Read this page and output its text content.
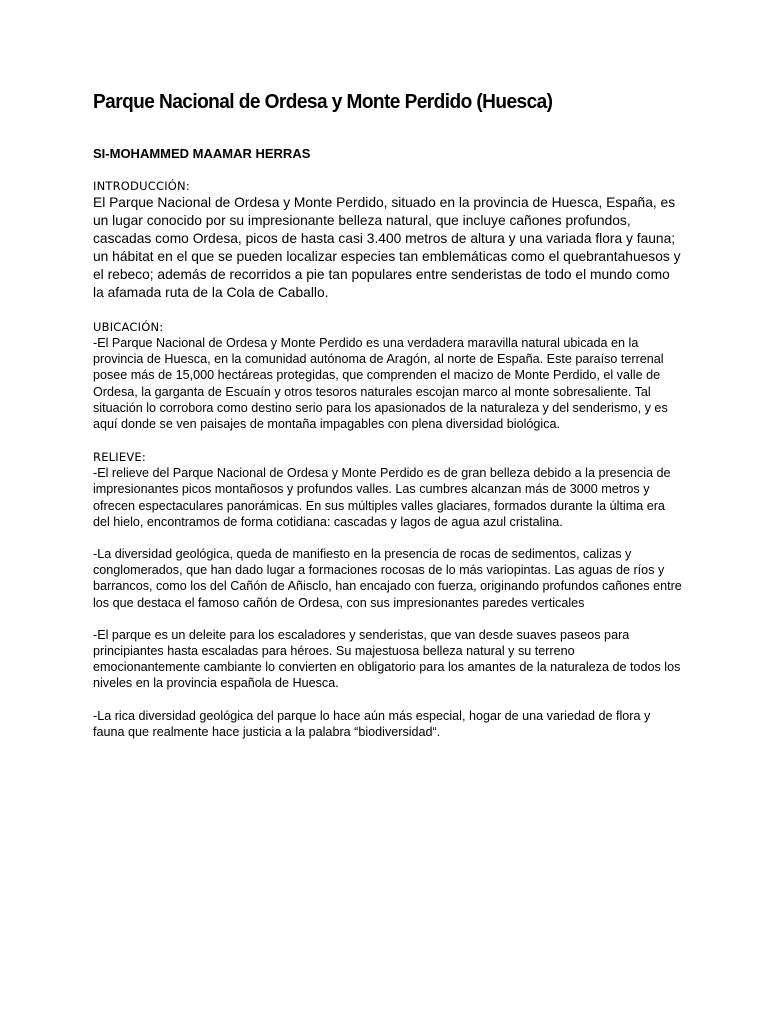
Parque Nacional de Ordesa y Monte Perdido (Huesca)

SI-MOHAMMED MAAMAR HERRAS

INTRODUCCIÓN:

El Parque Nacional de Ordesa y Monte Perdido, situado en la provincia de Huesca, España, es un lugar conocido por su impresionante belleza natural, que incluye cañones profundos, cascadas como Ordesa, picos de hasta casi 3.400 metros de altura y una variada flora y fauna; un hábitat en el que se pueden localizar especies tan emblemáticas como el quebrantahuesos y el rebeco; además de recorridos a pie tan populares entre senderistas de todo el mundo como la afamada ruta de la Cola de Caballo.

UBICACIÓN:

-El Parque Nacional de Ordesa y Monte Perdido es una verdadera maravilla natural ubicada en la provincia de Huesca, en la comunidad autónoma de Aragón, al norte de España. Este paraíso terrenal posee más de 15,000 hectáreas protegidas, que comprenden el macizo de Monte Perdido, el valle de Ordesa, la garganta de Escuaín y otros tesoros naturales escojan marco al monte sobresaliente. Tal situación lo corrobora como destino serio para los apasionados de la naturaleza y del senderismo, y es aquí donde se ven paisajes de montaña impagables con plena diversidad biológica.

RELIEVE:

-El relieve del Parque Nacional de Ordesa y Monte Perdido es de gran belleza debido a la presencia de impresionantes picos montañosos y profundos valles. Las cumbres alcanzan más de 3000 metros y ofrecen espectaculares panorámicas. En sus múltiples valles glaciares, formados durante la última era del hielo, encontramos de forma cotidiana: cascadas y lagos de agua azul cristalina.

-La diversidad geológica, queda de manifiesto en la presencia de rocas de sedimentos, calizas y conglomerados, que han dado lugar a formaciones rocosas de lo más variopintas. Las aguas de ríos y barrancos, como los del Cañón de Añisclo, han encajado con fuerza, originando profundos cañones entre los que destaca el famoso cañón de Ordesa, con sus impresionantes paredes verticales

-El parque es un deleite para los escaladores y senderistas, que van desde suaves paseos para principiantes hasta escaladas para héroes. Su majestuosa belleza natural y su terreno emocionantemente cambiante lo convierten en obligatorio para los amantes de la naturaleza de todos los niveles en la provincia española de Huesca.

-La rica diversidad geológica del parque lo hace aún más especial, hogar de una variedad de flora y fauna que realmente hace justicia a la palabra “biodiversidad“.
